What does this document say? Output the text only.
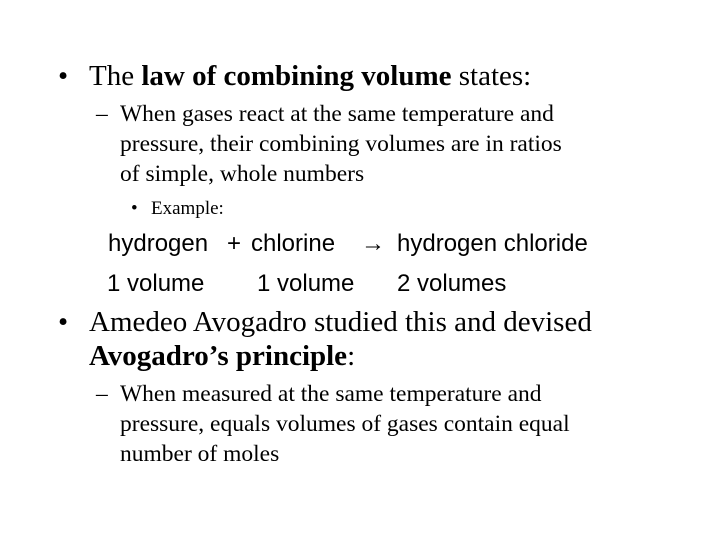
• The law of combining volume states:
– When gases react at the same temperature and
pressure, their combining volumes are in ratios
of simple, whole numbers
• Example:
hydrogen + chlorine → hydrogen chloride
1 volume 1 volume 2 volumes
• Amedeo Avogadro studied this and devised
Avogadro’s principle:
– When measured at the same temperature and
pressure, equals volumes of gases contain equal
number of moles
